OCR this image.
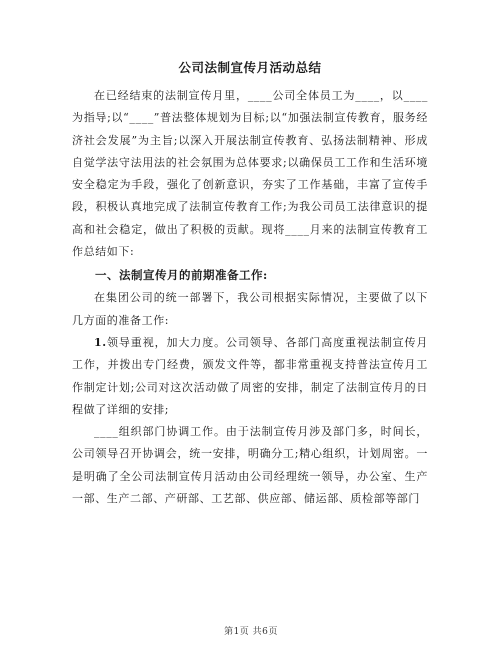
公司法制宣传月活动总结

在已经结束的法制宣传月里，____公司全体员工为____，以____为指导;以“____”普法整体规划为目标;以“加强法制宣传教育，服务经济社会发展”为主旨;以深入开展法制宣传教育、弘扬法制精神、形成自觉学法守法用法的社会氛围为总体要求;以确保员工工作和生活环境安全稳定为手段，强化了创新意识，夯实了工作基础，丰富了宣传手段，积极认真地完成了法制宣传教育工作;为我公司员工法律意识的提高和社会稳定，做出了积极的贡献。现将____月来的法制宣传教育工作总结如下:

一、法制宣传月的前期准备工作:

在集团公司的统一部署下，我公司根据实际情况，主要做了以下几方面的准备工作:

1.领导重视，加大力度。公司领导、各部门高度重视法制宣传月工作，并拨出专门经费，颁发文件等，都非常重视支持普法宣传月工作制定计划;公司对这次活动做了周密的安排，制定了法制宣传月的日程做了详细的安排;

____组织部门协调工作。由于法制宣传月涉及部门多，时间长，公司领导召开协调会，统一安排，明确分工;精心组织，计划周密。一是明确了全公司法制宣传月活动由公司经理统一领导，办公室、生产一部、生产二部、产研部、工艺部、供应部、储运部、质检部等部门

第1页 共6页
